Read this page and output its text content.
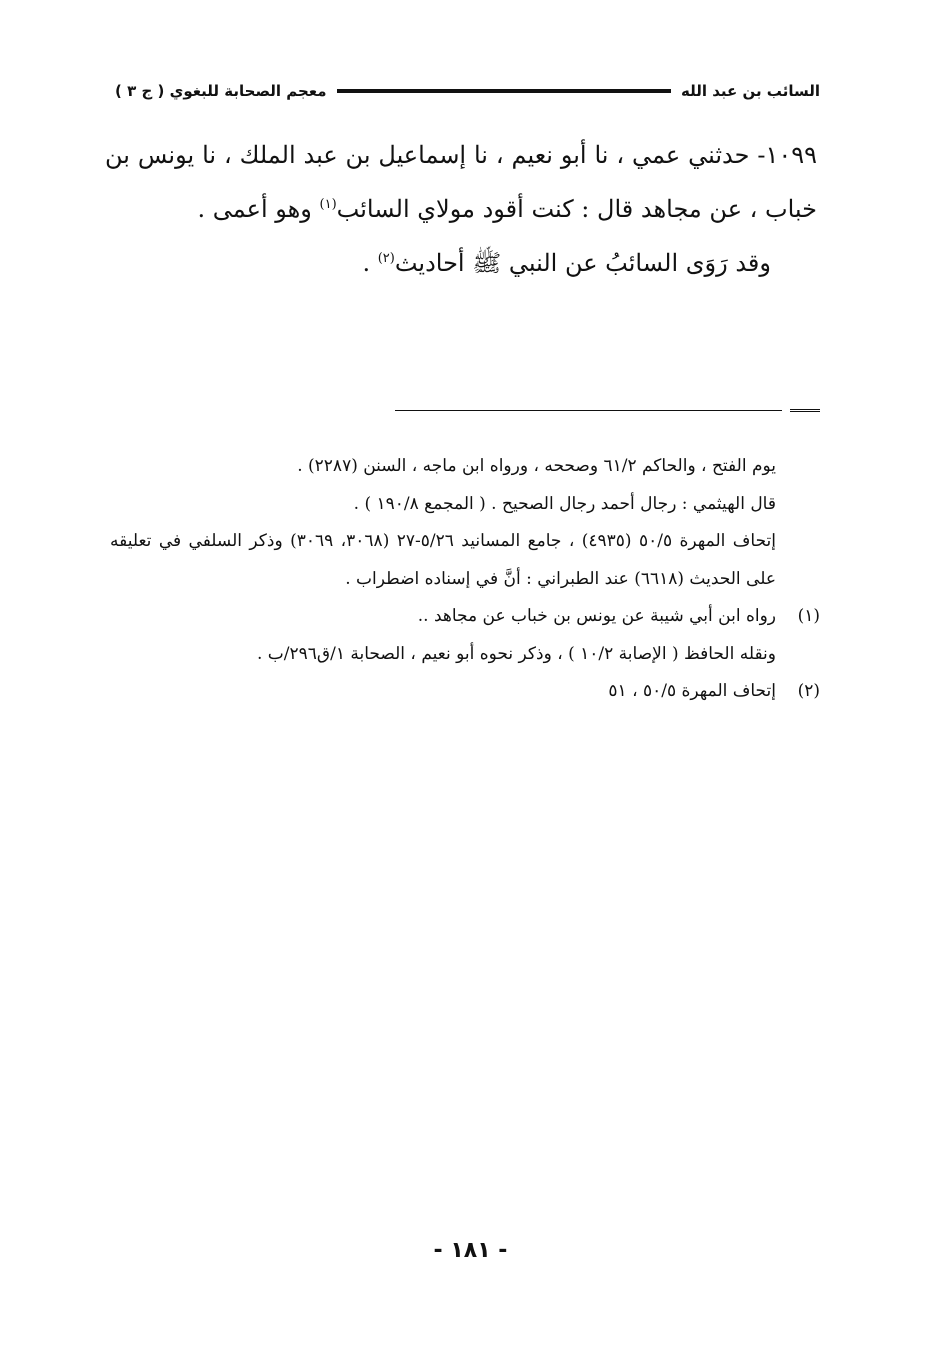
السائب بن عبد الله
معجم الصحابة للبغوي ( ج ٣ )

١٠٩٩- حدثني عمي ، نا أبو نعيم ، نا إسماعيل بن عبد الملك ، نا يونس بن خباب ، عن مجاهد قال : كنت أقود مولاي السائب$^{(١)}$ وهو أعمى .

وقد رَوَى السائبُ عن النبي ﷺ أحاديث$^{(٢)}$ .

يوم الفتح ، والحاكم ٦١/٢ وصححه ، ورواه ابن ماجه ، السنن (٢٢٨٧) .

قال الهيثمي : رجال أحمد رجال الصحيح . ( المجمع ١٩٠/٨ ) .

إتحاف المهرة ٥٠/٥ (٤٩٣٥) ، جامع المسانيد ٥/٢٦-٢٧ (٣٠٦٨، ٣٠٦٩) وذكر السلفي في تعليقه على الحديث (٦٦١٨) عند الطبراني : أنَّ في إسناده اضطراب .

(١)رواه ابن أبي شيبة عن يونس بن خباب عن مجاهد ..

ونقله الحافظ ( الإصابة ١٠/٢ ) ، وذكر نحوه أبو نعيم ، الصحابة ١/ق٢٩٦/ب .

(٢)إتحاف المهرة ٥٠/٥ ، ٥١

- ١٨١ -
